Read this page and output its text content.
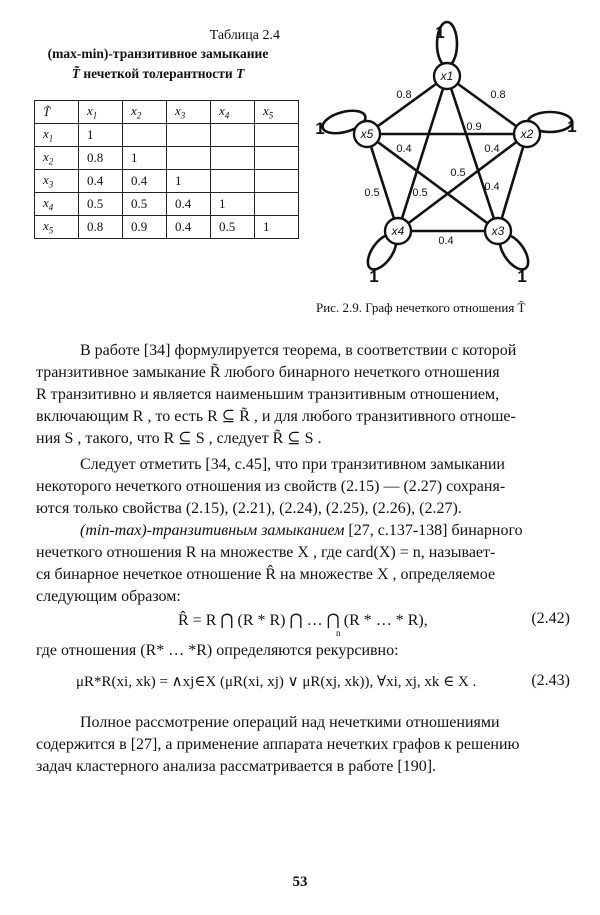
Таблица 2.4
(max-min)-транзитивное замыкание
T̃ нечеткой толерантности T
T̃	$x_1$	$x_2$	$x_3$	$x_4$	$x_5$
$x_1$	1				
$x_2$	0.8	1			
$x_3$	0.4	0.4	1		
$x_4$	0.5	0.5	0.4	1	
$x_5$	0.8	0.9	0.4	0.5	1
x1
x2
x3
x4
x5
1
1
1
1	1
0.8	0.8
0.9
0.4	0.4
0.5
0.5	0.4
0.5
0.4
Рис. 2.9. Граф нечеткого отношения T̃
В работе [34] формулируется теорема, в соответствии с которой
транзитивное замыкание R̃ любого бинарного нечеткого отношения
R транзитивно и является наименьшим транзитивным отношением,
включающим R , то есть R ⊆ R̃ , и для любого транзитивного отноше-
ния S , такого, что R ⊆ S , следует R̃ ⊆ S .
Следует отметить [34, с.45], что при транзитивном замыкании
некоторого нечеткого отношения из свойств (2.15) — (2.27) сохраня-
ются только свойства (2.15), (2.21), (2.24), (2.25), (2.26), (2.27).
(min-max)-транзитивным замыканием [27, с.137-138] бинарного
нечеткого отношения R на множестве X , где card(X) = n, называет-
ся бинарное нечеткое отношение R̂ на множестве X , определяемое
следующим образом:
R̂ = R ⋂ (R * R) ⋂ … ⋂ (R * … * R),
n
(2.42)
где отношения (R* … *R) определяются рекурсивно:
μR*R(xi, xk) = ∧xj∈X (μR(xi, xj) ∨ μR(xj, xk)), ∀xi, xj, xk ∈ X .	(2.43)
Полное рассмотрение операций над нечеткими отношениями
содержится в [27], а применение аппарата нечетких графов к решению
задач кластерного анализа рассматривается в работе [190].
53
